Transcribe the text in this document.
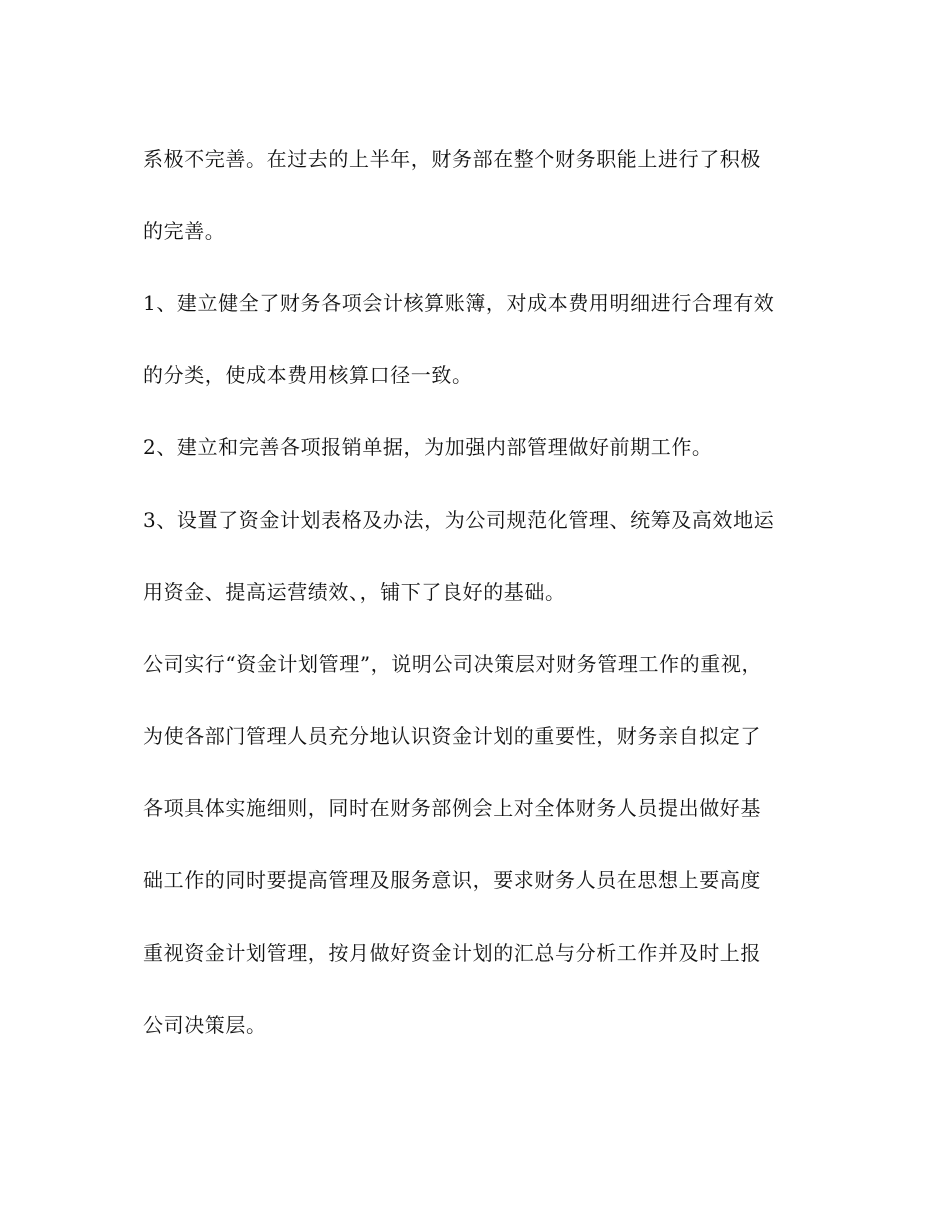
系极不完善。在过去的上半年，财务部在整个财务职能上进行了积极
的完善。
1、建立健全了财务各项会计核算账簿，对成本费用明细进行合理有效
的分类，使成本费用核算口径一致。
2、建立和完善各项报销单据，为加强内部管理做好前期工作。
3、设置了资金计划表格及办法，为公司规范化管理、统筹及高效地运
用资金、提高运营绩效、，铺下了良好的基础。
公司实行“资金计划管理”，说明公司决策层对财务管理工作的重视，
为使各部门管理人员充分地认识资金计划的重要性，财务亲自拟定了
各项具体实施细则，同时在财务部例会上对全体财务人员提出做好基
础工作的同时要提高管理及服务意识，要求财务人员在思想上要高度
重视资金计划管理，按月做好资金计划的汇总与分析工作并及时上报
公司决策层。
